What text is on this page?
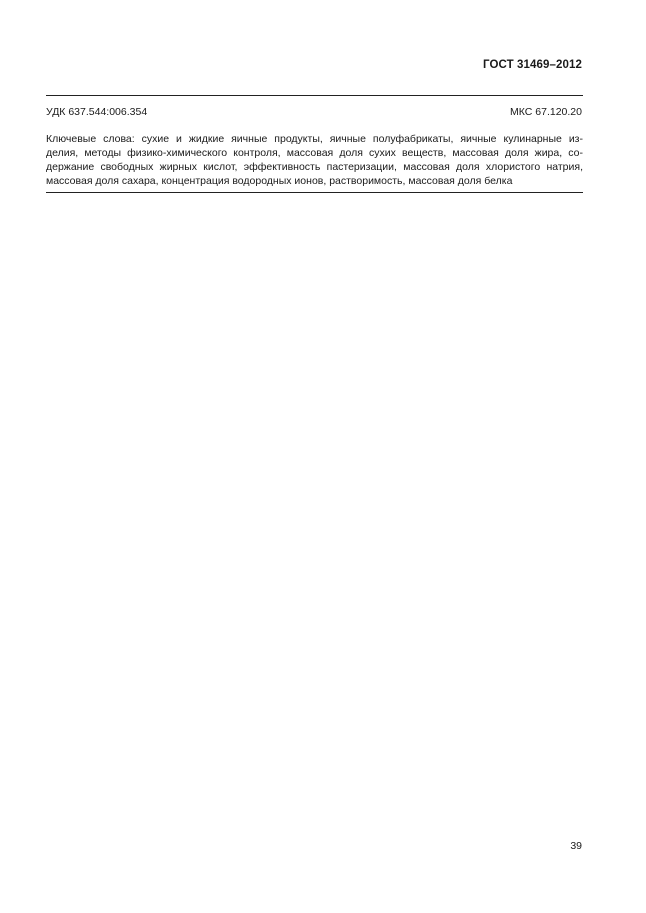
ГОСТ 31469–2012
УДК 637.544:006.354	МКС 67.120.20
Ключевые слова: сухие и жидкие яичные продукты, яичные полуфабрикаты, яичные кулинарные из-
делия, методы физико-химического контроля, массовая доля сухих веществ, массовая доля жира, со-
держание свободных жирных кислот, эффективность пастеризации, массовая доля хлористого натрия,
массовая доля сахара, концентрация водородных ионов, растворимость, массовая доля белка
39
